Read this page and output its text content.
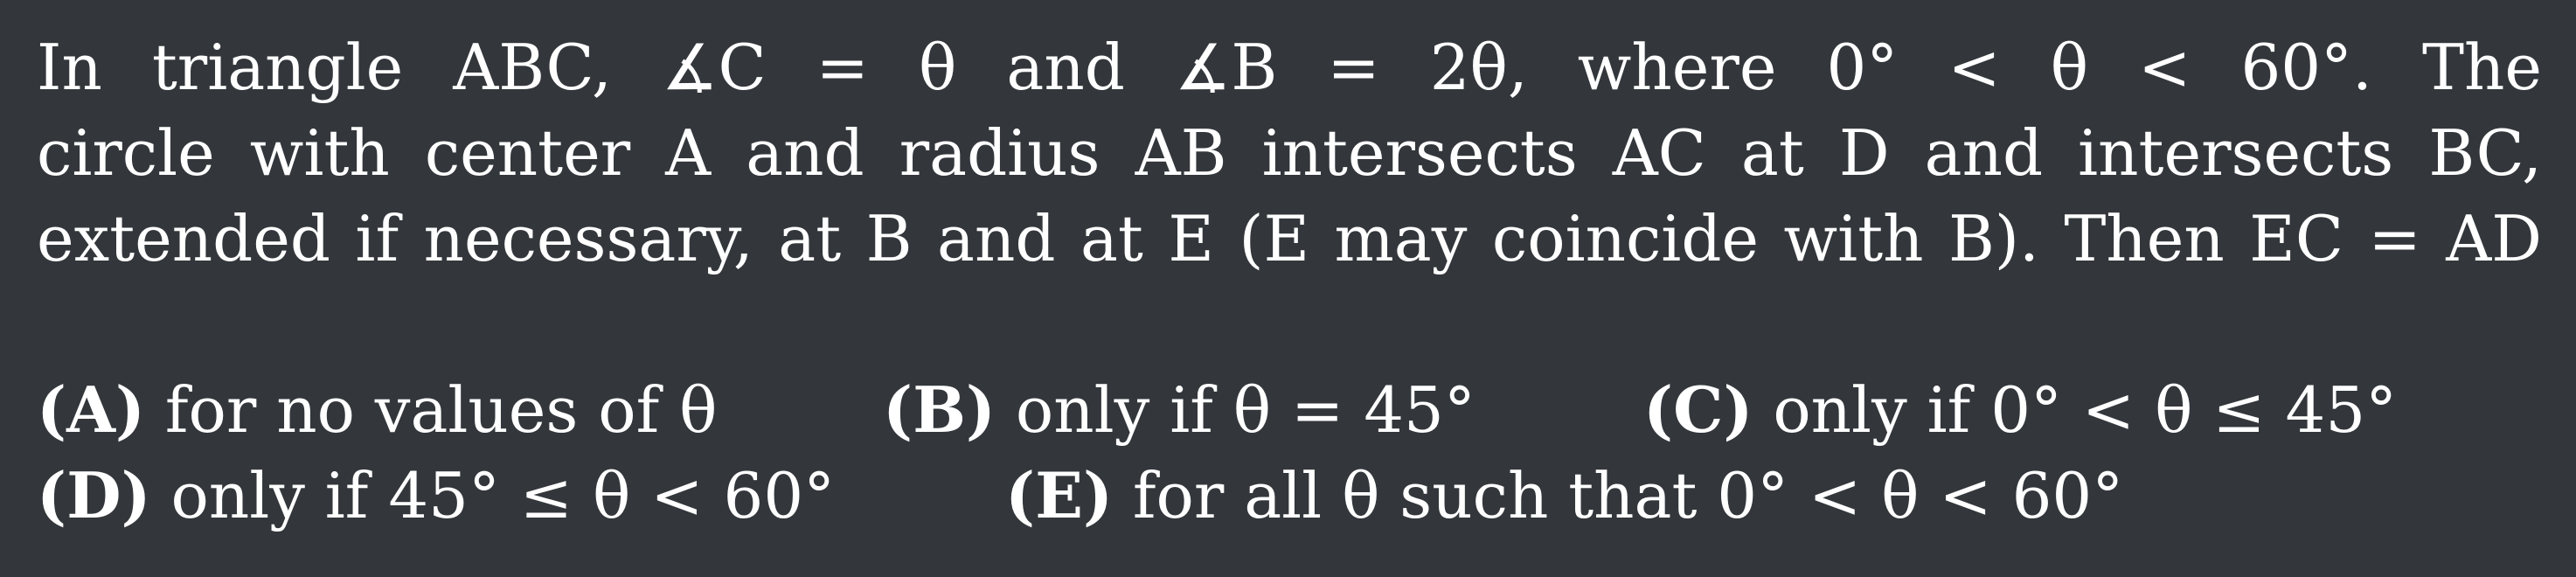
In triangle ABC, ∡C = θ and ∡B = 2θ, where 0° < θ < 60°. The
circle with center A and radius AB intersects AC at D and intersects BC,
extended if necessary, at B and at E (E may coincide with B). Then EC = AD
(A) for no values of θ	(B) only if θ = 45°	(C) only if 0° < θ ≤ 45°
(D) only if 45° ≤ θ < 60°	(E) for all θ such that 0° < θ < 60°
